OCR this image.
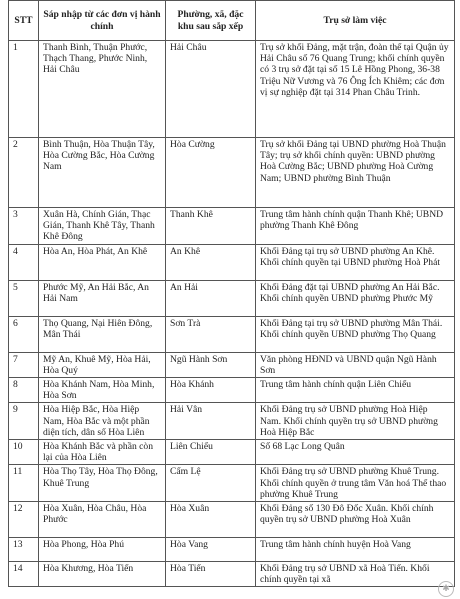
STT	Sáp nhập từ các đơn vị hành chính	Phường, xã, đặc khu sau sắp xếp	Trụ sở làm việc
1	Thanh Bình, Thuận Phước, Thạch Thang, Phước Ninh, Hải Châu	Hải Châu	Trụ sở khối Đảng, mặt trận, đoàn thể tại Quận ủy Hải Châu số 76 Quang Trung; khối chính quyền có 3 trụ sở đặt tại số 15 Lê Hồng Phong, 36-38 Triệu Nữ Vương và 76 Ông Ích Khiêm; các đơn vị sự nghiệp đặt tại 314 Phan Châu Trinh.
2	Bình Thuận, Hòa Thuận Tây, Hòa Cường Bắc, Hòa Cường Nam	Hòa Cường	Trụ sở khối Đảng tại UBND phường Hoà Thuận Tây; trụ sở khối chính quyền: UBND phường Hoà Cường Bắc; UBND phường Hoà Cường Nam; UBND phường Bình Thuận
3	Xuân Hà, Chính Gián, Thạc Gián, Thanh Khê Tây, Thanh Khê Đông	Thanh Khê	Trung tâm hành chính quận Thanh Khê; UBND phường Thanh Khê Đông
4	Hòa An, Hòa Phát, An Khê	An Khê	Khối Đảng tại trụ sở UBND phường An Khê. Khối chính quyền tại UBND phường Hoà Phát
5	Phước Mỹ, An Hải Bắc, An Hải Nam	An Hải	Khối Đảng đặt tại UBND phường An Hải Bắc. Khối chính quyền UBND phường Phước Mỹ
6	Thọ Quang, Nại Hiên Đông, Mân Thái	Sơn Trà	Khối Đảng tại trụ sở UBND phường Mân Thái. Khối chính quyền UBND phường Thọ Quang
7	Mỹ An, Khuê Mỹ, Hòa Hải, Hòa Quý	Ngũ Hành Sơn	Văn phòng HĐND và UBND quận Ngũ Hành Sơn
8	Hòa Khánh Nam, Hòa Minh, Hòa Sơn	Hòa Khánh	Trung tâm hành chính quận Liên Chiểu
9	Hòa Hiệp Bắc, Hòa Hiệp Nam, Hòa Bắc và một phần diện tích, dân số Hòa Liên	Hải Vân	Khối Đảng trụ sở UBND phường Hoà Hiệp Nam. Khối chính quyền trụ sở UBND phường Hoà Hiệp Bắc
10	Hòa Khánh Bắc và phần còn lại của Hòa Liên	Liên Chiểu	Số 68 Lạc Long Quân
11	Hòa Thọ Tây, Hòa Thọ Đông, Khuê Trung	Cẩm Lệ	Khối Đảng trụ sở UBND phường Khuê Trung. Khối chính quyền ở trung tâm Văn hoá Thể thao phường Khuê Trung
12	Hòa Xuân, Hòa Châu, Hòa Phước	Hòa Xuân	Khối Đảng số 130 Đô Đốc Xuân. Khối chính quyền trụ sở UBND phường Hoà Xuân
13	Hòa Phong, Hòa Phú	Hòa Vang	Trung tâm hành chính huyện Hoà Vang
14	Hòa Khương, Hòa Tiến	Hòa Tiến	Khối Đảng trụ sở UBND xã Hoà Tiến. Khối chính quyền tại xã
✱
